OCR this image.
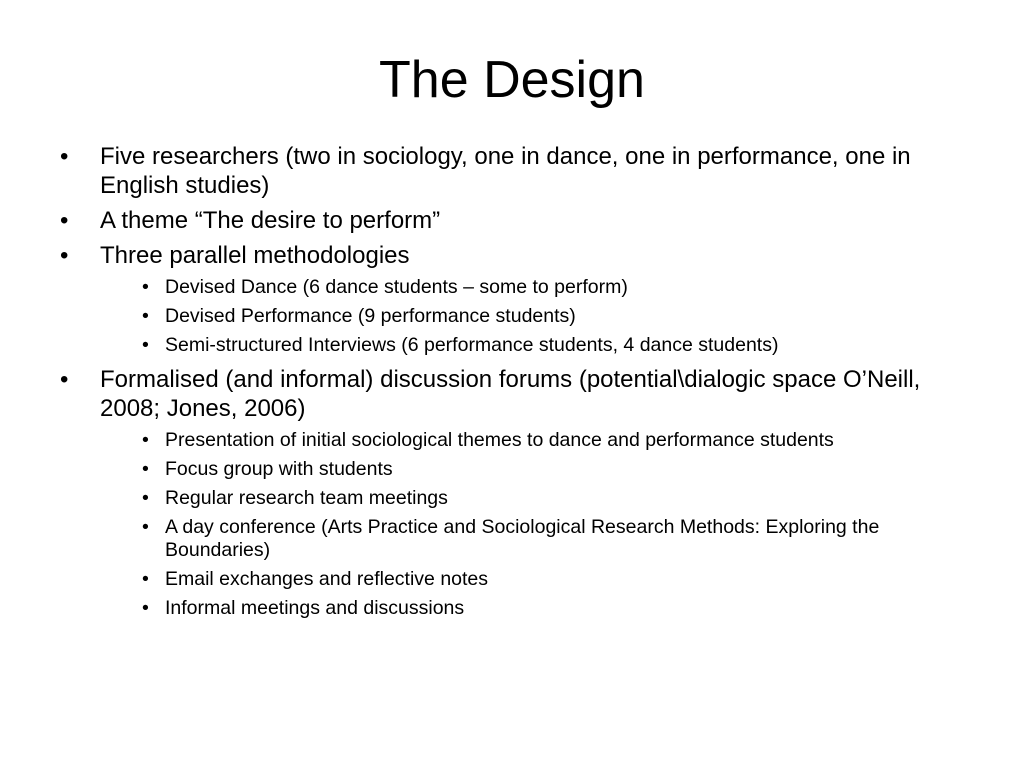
The Design
• Five researchers (two in sociology, one in dance, one in performance, one in English studies)
• A theme “The desire to perform”
• Three parallel methodologies
• Devised Dance (6 dance students – some to perform)
• Devised Performance (9 performance students)
• Semi-structured Interviews (6 performance students, 4 dance students)
• Formalised (and informal) discussion forums (potential\dialogic space O’Neill, 2008; Jones, 2006)
• Presentation of initial sociological themes to dance and performance students
• Focus group with students
• Regular research team meetings
• A day conference (Arts Practice and Sociological Research Methods: Exploring the Boundaries)
• Email exchanges and reflective notes
• Informal meetings and discussions
